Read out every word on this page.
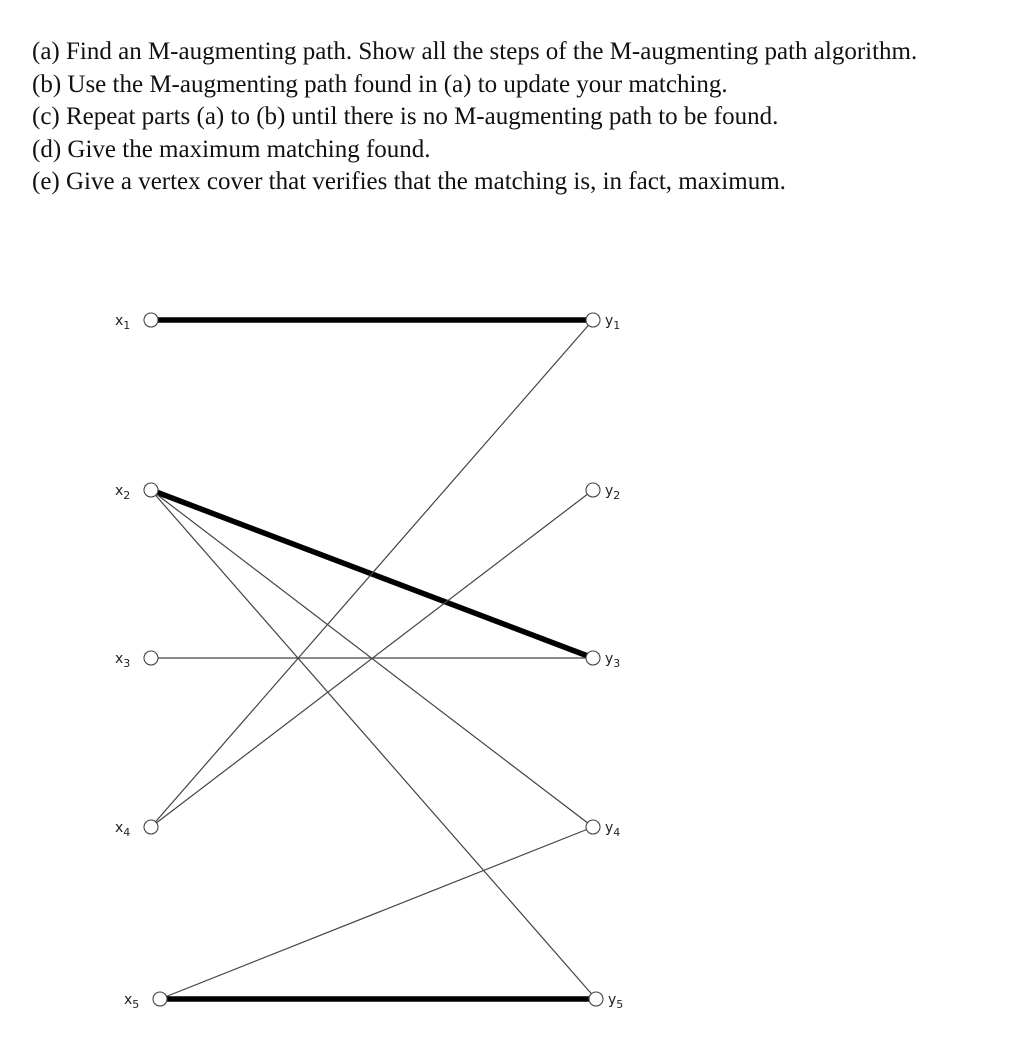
(a) Find an M-augmenting path. Show all the steps of the M-augmenting path algorithm.
(b) Use the M-augmenting path found in (a) to update your matching.
(c) Repeat parts (a) to (b) until there is no M-augmenting path to be found.
(d) Give the maximum matching found.
(e) Give a vertex cover that verifies that the matching is, in fact, maximum.
$x_1$
$x_2$
$x_3$
$x_4$
$x_5$
$y_1$
$y_2$
$y_3$
$y_4$
$y_5$
